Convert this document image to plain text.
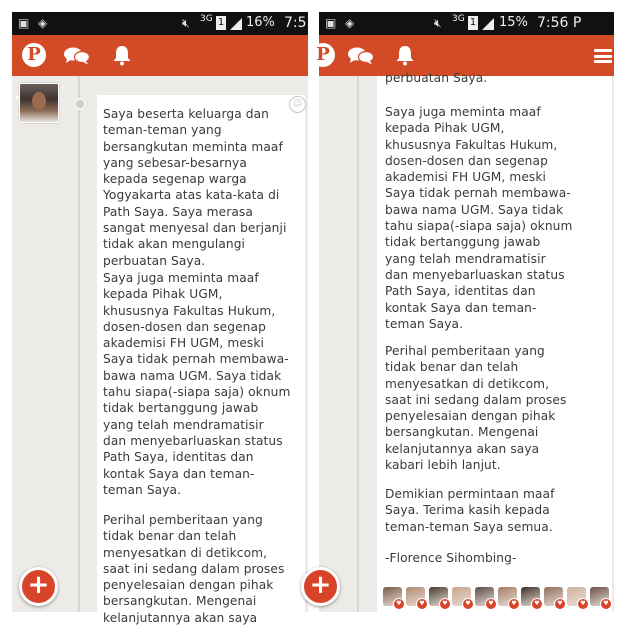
▣ ◈	🔇︎ 3G 1 16% 7:5
P
☺
Saya beserta keluarga dan
teman-teman yang
bersangkutan meminta maaf
yang sebesar-besarnya
kepada segenap warga
Yogyakarta atas kata-kata di
Path Saya. Saya merasa
sangat menyesal dan berjanji
tidak akan mengulangi
perbuatan Saya.
Saya juga meminta maaf
kepada Pihak UGM,
khususnya Fakultas Hukum,
dosen-dosen dan segenap
akademisi FH UGM, meski
Saya tidak pernah membawa-
bawa nama UGM. Saya tidak
tahu siapa(-siapa saja) oknum
tidak bertanggung jawab
yang telah mendramatisir
dan menyebarluaskan status
Path Saya, identitas dan
kontak Saya dan teman-
teman Saya.
Perihal pemberitaan yang
tidak benar dan telah
menyesatkan di detikcom,
saat ini sedang dalam proses
penyelesaian dengan pihak
bersangkutan. Mengenai
kelanjutannya akan saya
+
▣ ◈	🔇︎ 3G 1 15% 7:56 P
P
perbuatan Saya.
Saya juga meminta maaf
kepada Pihak UGM,
khususnya Fakultas Hukum,
dosen-dosen dan segenap
akademisi FH UGM, meski
Saya tidak pernah membawa-
bawa nama UGM. Saya tidak
tahu siapa(-siapa saja) oknum
tidak bertanggung jawab
yang telah mendramatisir
dan menyebarluaskan status
Path Saya, identitas dan
kontak Saya dan teman-
teman Saya.
Perihal pemberitaan yang
tidak benar dan telah
menyesatkan di detikcom,
saat ini sedang dalam proses
penyelesaian dengan pihak
bersangkutan. Mengenai
kelanjutannya akan saya
kabari lebih lanjut.
Demikian permintaan maaf
Saya. Terima kasih kepada
teman-teman Saya semua.
-Florence Sihombing-
+
♥	♥	♥	♥	♥	♥	♥	♥	♥	♥
